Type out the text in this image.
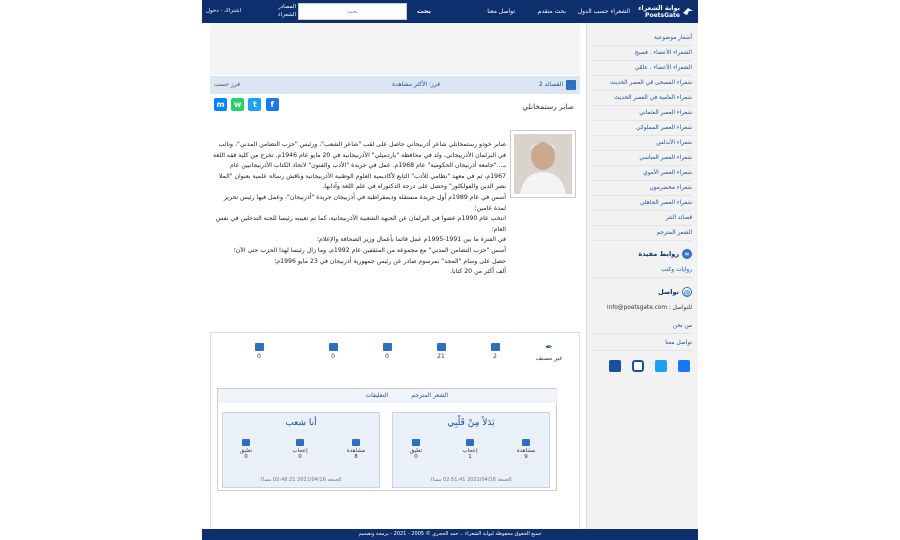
بوابة الشعراء
PoetsGate
الشعراء حسب الدول
بحث متقدم
تواصل معنا
بحث
بحث
المصادر
الشعراء
اشتراك - دخول
أشعار موضوعية
الشعراء الأعضاء . فصيح
الشعراء الأعضاء . عامّي
شعراء الفصحى في العصر الحديث
شعراء العامية في العصر الحديث
شعراء العصر العثماني
شعراء العصر المملوكي
شعراء الأندلس
شعراء العصر العباسي
شعراء العصر الأموي
شعراء مخضرمون
شعراء العصر الجاهلي
قصائد النثر
الشعر المترجم
∞روابط مفيدة
روايات وكتب
@تواصل
للتواصل : info@poetsgate.com
من نحن
تواصل معنا
القصائد 2
فرز: الأكثر مشاهدة
فرز حسب
f t w m	صابر رستمخانلي

صابر خودو رستمخانلي شاعر أذربيجاني حاصل على لقب "شاعر الشعب"، ورئيس "حزب التضامن المدني"، ونائب في البرلمان الأذربيجاني، ولد في محافظة "باردميلي" الأذربيجانية في 20 مايو عام 1946م. تخرج من كلية فقه اللغة بـ..."جامعة أذربيجان الحكومية" عام 1968م. عمل في جريدة "الأدب والفنون" لاتحاد الكتاب الأذربيجانيين عام 1967م، ثم في معهد "نظامي للأدب" التابع لأكاديمية العلوم الوطنية الأذربيجانية وناقش رسالة علمية بعنوان "الملا نصر الدين والفولكلور" وحصل على درجة الدكتوراه في علم اللغة وآدابها.

أسس في عام 1989م أول جريدة مستقلة وديمقراطية في أذربيجان جريدة "أذربيجان"، وعمل فيها رئيس تحرير لمدة عامين؛

انتخب عام 1990م عضوا في البرلمان عن الجبهة الشعبية الأذربيجانية، كما تم تعيينه رئيسا للجنة التدخلين في نفس العام؛

في الفترة ما بين 1991-1995م عمل قائما بأعمال وزير الصحافة والإعلام؛

أسس "حزب التضامن المدني" مع مجموعة من المثقفين عام 1992م، وما زال رئيسا لهذا الحزب حتى الآن؛

حصل على وسام "المجد" بمرسوم صادر عن رئيس جمهورية أذربيجان في 23 مايو 1996م؛

ألف أكثر من 20 كتابا.

✒
غير مصنف
2
21
0
0
0
الشعر المترجم
التعليقات
بَدَلاً مِنْ قَلْبِي
مشاهدة
9
إعجاب
1
تعليق
0
الجمعة 2021/04/16 02:51:41 مساءً
أنا شعب
مشاهدة
8
إعجاب
0
تعليق
0
الجمعة 2021/04/16 02:48:21 مساءً
جميع الحقوق محفوظة لبوابة الشعراء .. حمد الحجري © 2005 - 2021 - برمجة وتصميم
